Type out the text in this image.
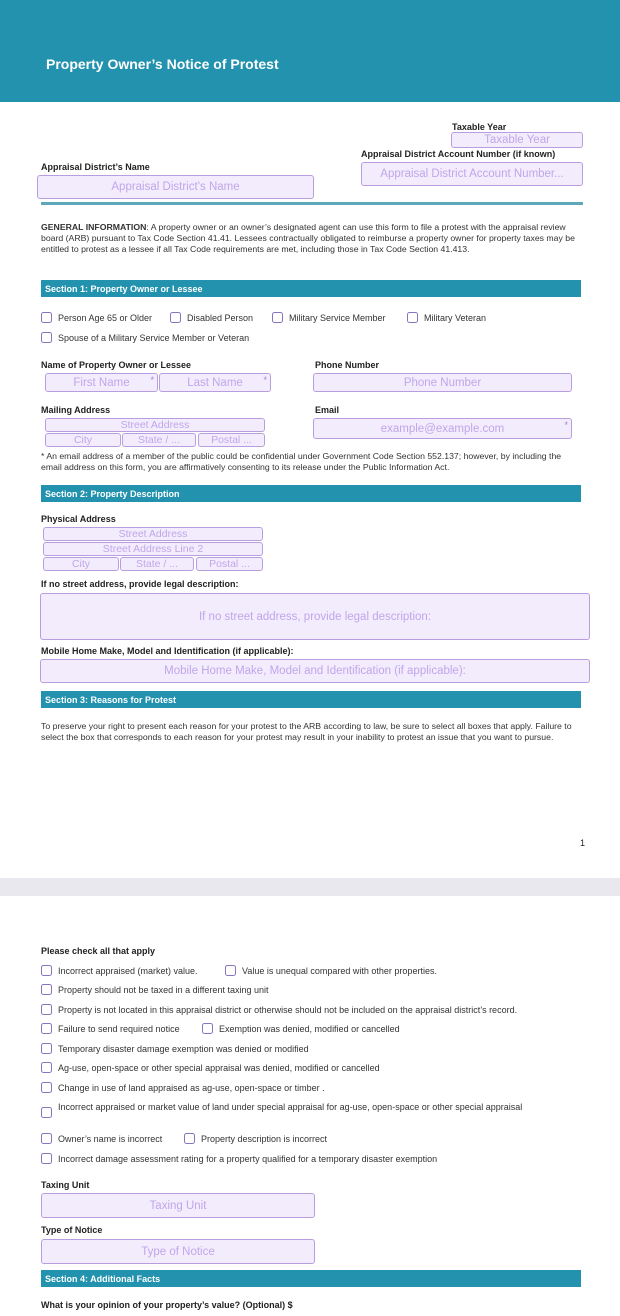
Property Owner’s Notice of Protest
Taxable Year
Taxable Year
Appraisal District Account Number (if known)
Appraisal District Account Number...
Appraisal District’s Name
Appraisal District’s Name
GENERAL INFORMATION: A property owner or an owner’s designated agent can use this form to file a protest with the appraisal review board (ARB) pursuant to Tax Code Section 41.41. Lessees contractually obligated to reimburse a property owner for property taxes may be entitled to protest as a lessee if all Tax Code requirements are met, including those in Tax Code Section 41.413.
Section 1: Property Owner or Lessee
Person Age 65 or Older	Disabled Person	Military Service Member	Military Veteran
Spouse of a Military Service Member or Veteran
Name of Property Owner or Lessee
First Name *	Last Name *
Phone Number
Phone Number
Mailing Address
Street Address
City	State / ...	Postal ...
Email
example@example.com	*
* An email address of a member of the public could be confidential under Government Code Section 552.137; however, by including the email address on this form, you are affirmatively consenting to its release under the Public Information Act.
Section 2: Property Description
Physical Address
Street Address
Street Address Line 2
City	State / ...	Postal ...
If no street address, provide legal description:
If no street address, provide legal description:
Mobile Home Make, Model and Identification (if applicable):
Mobile Home Make, Model and Identification (if applicable):
Section 3: Reasons for Protest
To preserve your right to present each reason for your protest to the ARB according to law, be sure to select all boxes that apply. Failure to select the box that corresponds to each reason for your protest may result in your inability to protest an issue that you want to pursue.
1
Please check all that apply
Incorrect appraised (market) value.	Value is unequal compared with other properties.
Property should not be taxed in a different taxing unit
Property is not located in this appraisal district or otherwise should not be included on the appraisal district’s record.
Failure to send required notice	Exemption was denied, modified or cancelled
Temporary disaster damage exemption was denied or modified
Ag-use, open-space or other special appraisal was denied, modified or cancelled
Change in use of land appraised as ag-use, open-space or timber .
Incorrect appraised or market value of land under special appraisal for ag-use, open-space or other special appraisal
Owner’s name is incorrect	Property description is incorrect
Incorrect damage assessment rating for a property qualified for a temporary disaster exemption
Taxing Unit
Taxing Unit
Type of Notice
Type of Notice
Section 4: Additional Facts
What is your opinion of your property’s value? (Optional) $
